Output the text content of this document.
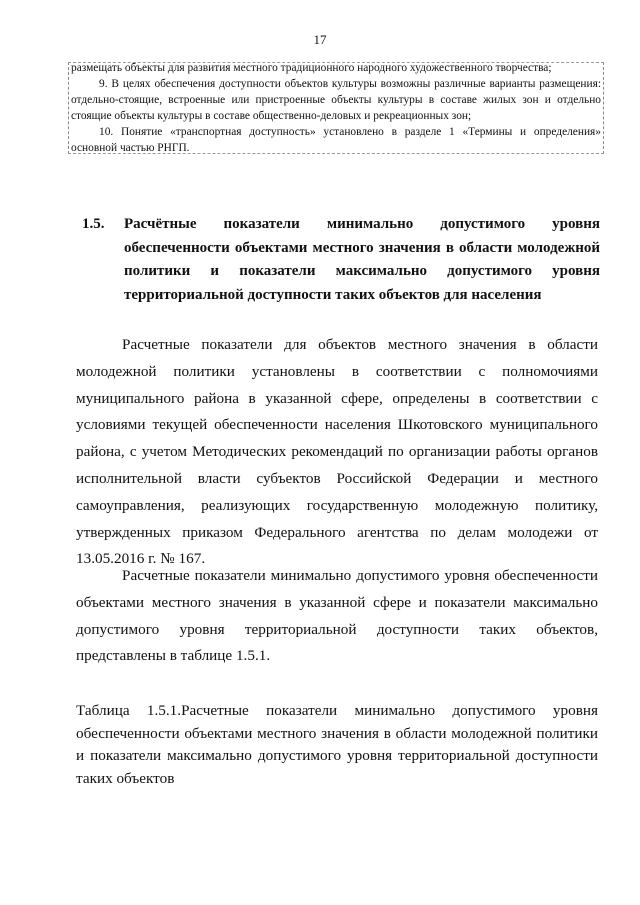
17

размещать объекты для развития местного традиционного народного художественного творчества;

9. В целях обеспечения доступности объектов культуры возможны различные варианты размещения: отдельно-стоящие, встроенные или пристроенные объекты культуры в составе жилых зон и отдельно стоящие объекты культуры в составе общественно-деловых и рекреационных зон;

10. Понятие «транспортная доступность» установлено в разделе 1 «Термины и определения» основной частью РНГП.

1.5. Расчётные показатели минимально допустимого уровня обеспеченности объектами местного значения в области молодежной политики и показатели максимально допустимого уровня территориальной доступности таких объектов для населения

Расчетные показатели для объектов местного значения в области молодежной политики установлены в соответствии с полномочиями муниципального района в указанной сфере, определены в соответствии с условиями текущей обеспеченности населения Шкотовского муниципального района, с учетом Методических рекомендаций по организации работы органов исполнительной власти субъектов Российской Федерации и местного самоуправления, реализующих государственную молодежную политику, утвержденных приказом Федерального агентства по делам молодежи от 13.05.2016 г. № 167.

Расчетные показатели минимально допустимого уровня обеспеченности объектами местного значения в указанной сфере и показатели максимально допустимого уровня территориальной доступности таких объектов, представлены в таблице 1.5.1.

Таблица 1.5.1.Расчетные показатели минимально допустимого уровня обеспеченности объектами местного значения в области молодежной политики и показатели максимально допустимого уровня территориальной доступности таких объектов
